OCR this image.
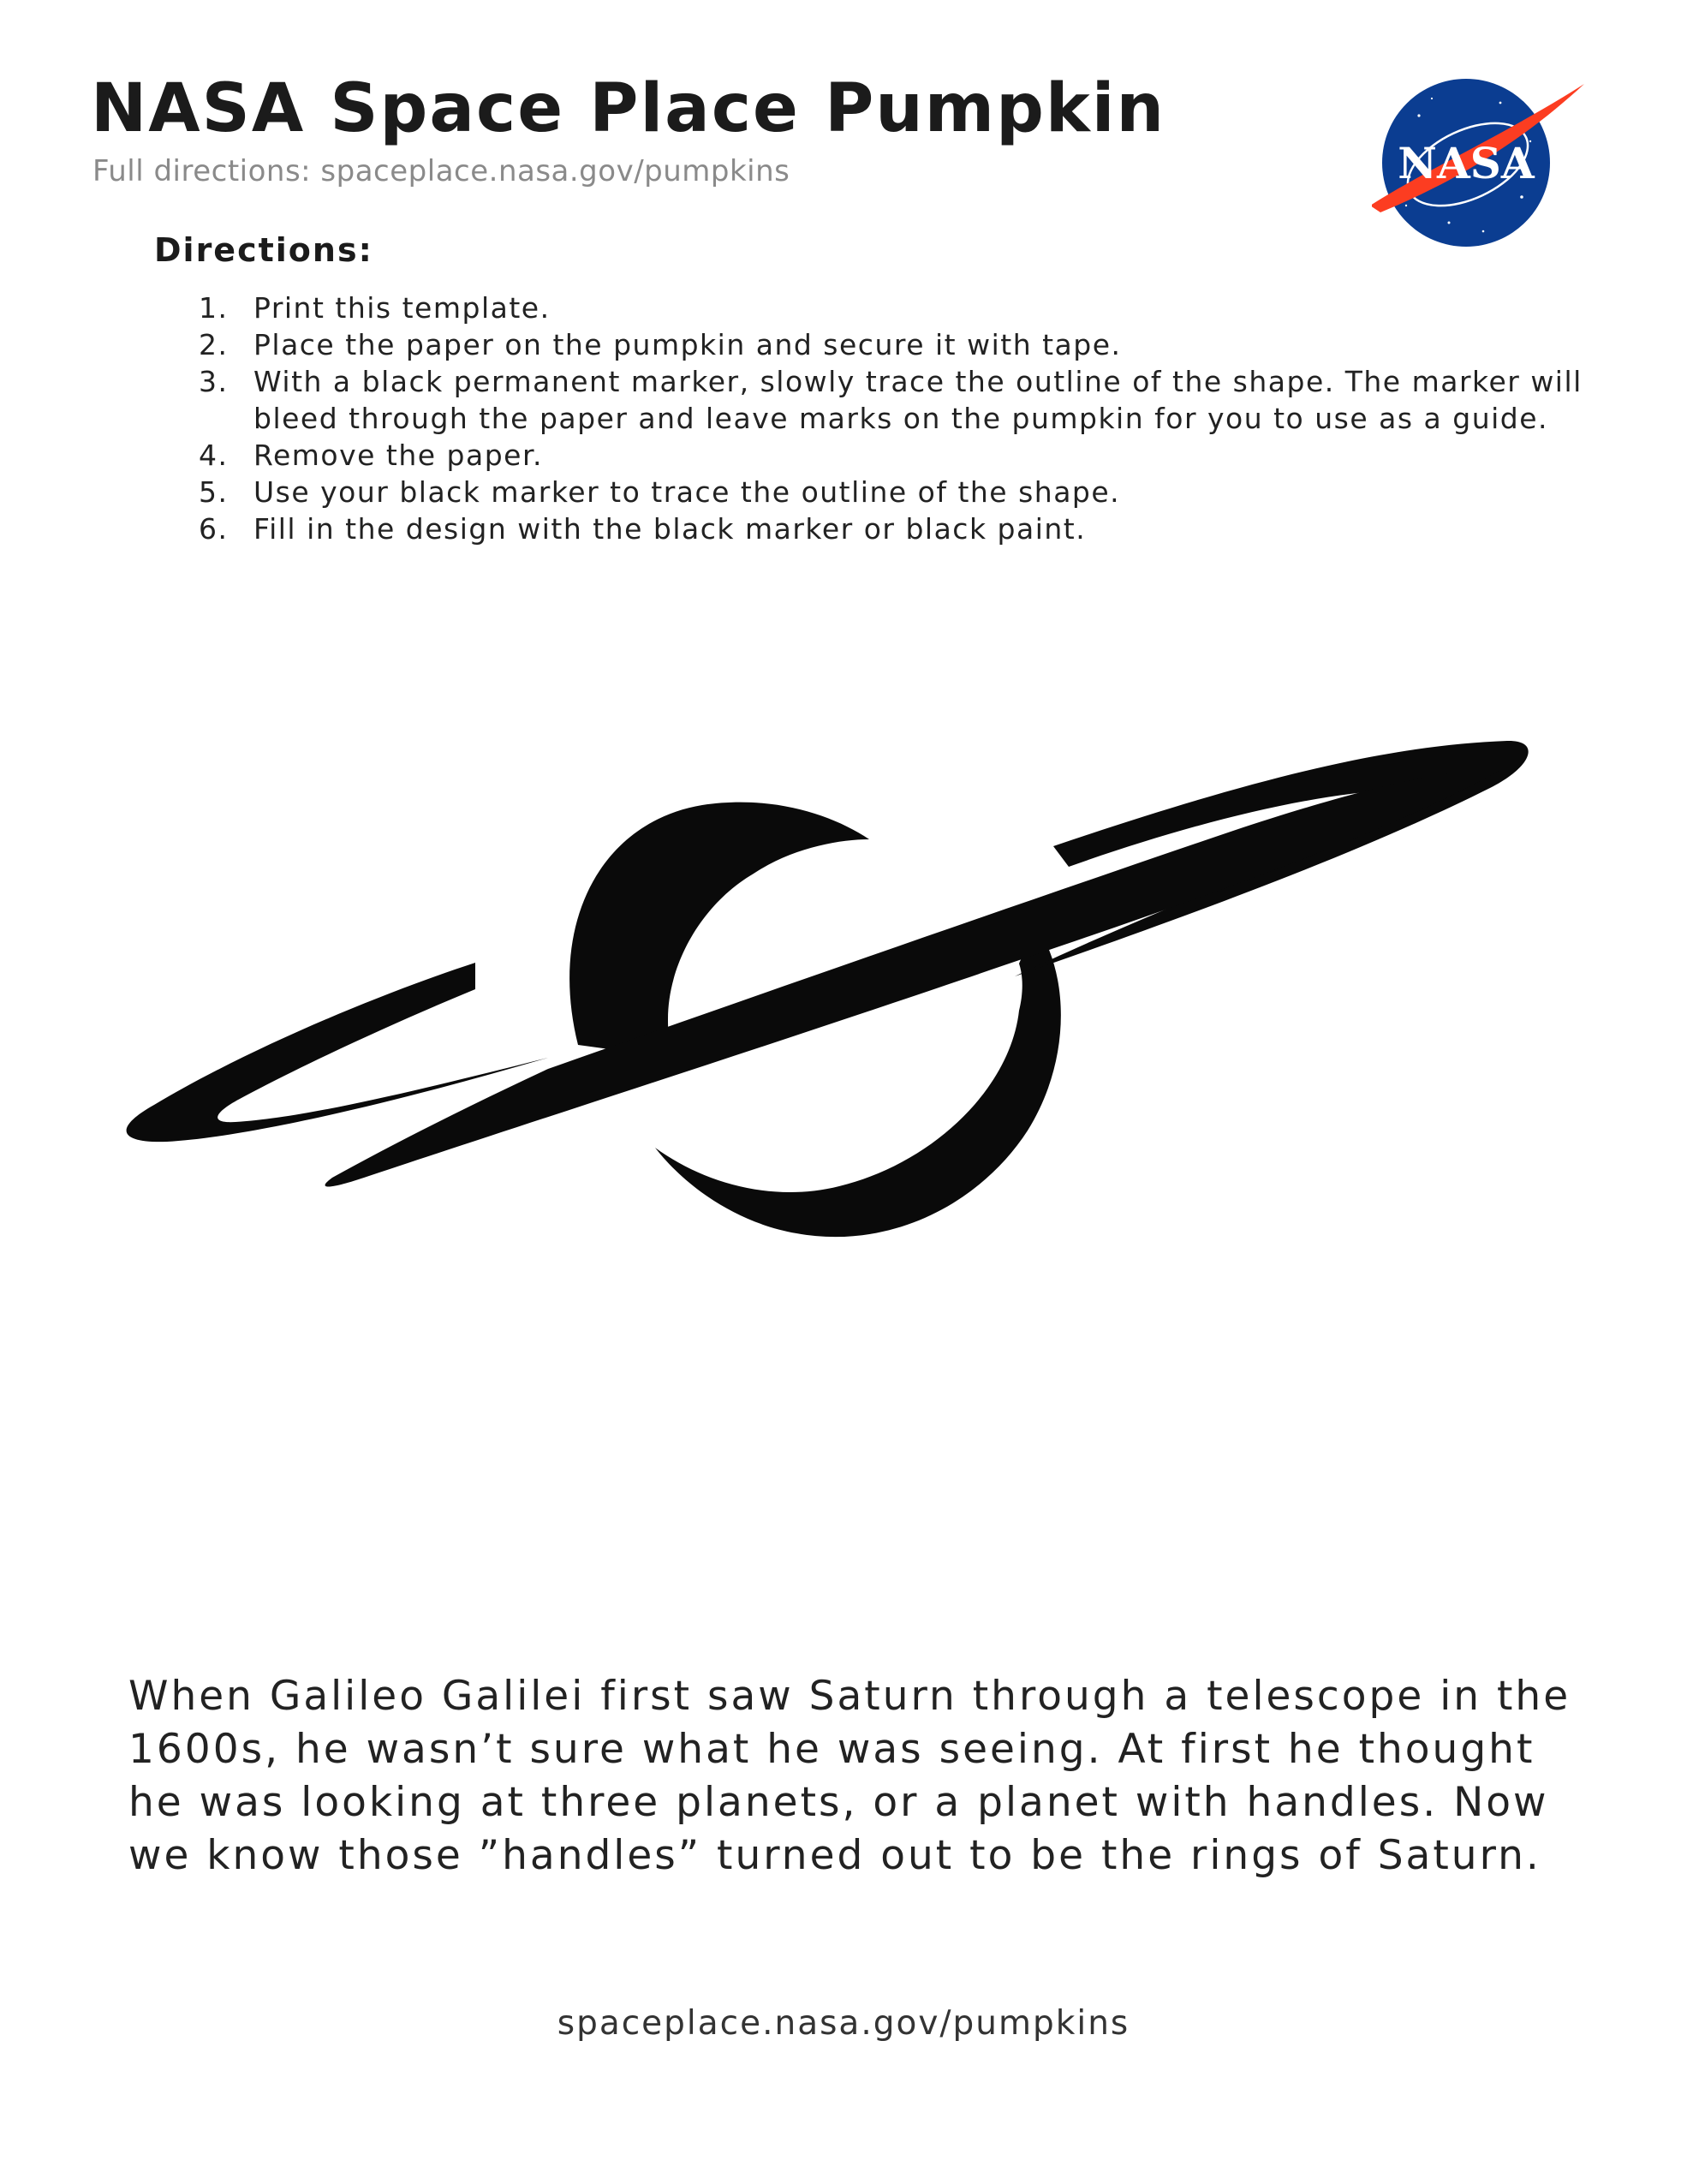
NASA Space Place Pumpkin
Full directions: spaceplace.nasa.gov/pumpkins	NASA
Directions:
1. Print this template.
2. Place the paper on the pumpkin and secure it with tape.
3. With a black permanent marker, slowly trace the outline of the shape. The marker will bleed through the paper and leave marks on the pumpkin for you to use as a guide.
4. Remove the paper.
5. Use your black marker to trace the outline of the shape.
6. Fill in the design with the black marker or black paint.

When Galileo Galilei first saw Saturn through a telescope in the 1600s, he wasn’t sure what he was seeing. At first he thought he was looking at three planets, or a planet with handles. Now we know those ”handles” turned out to be the rings of Saturn.

spaceplace.nasa.gov/pumpkins
